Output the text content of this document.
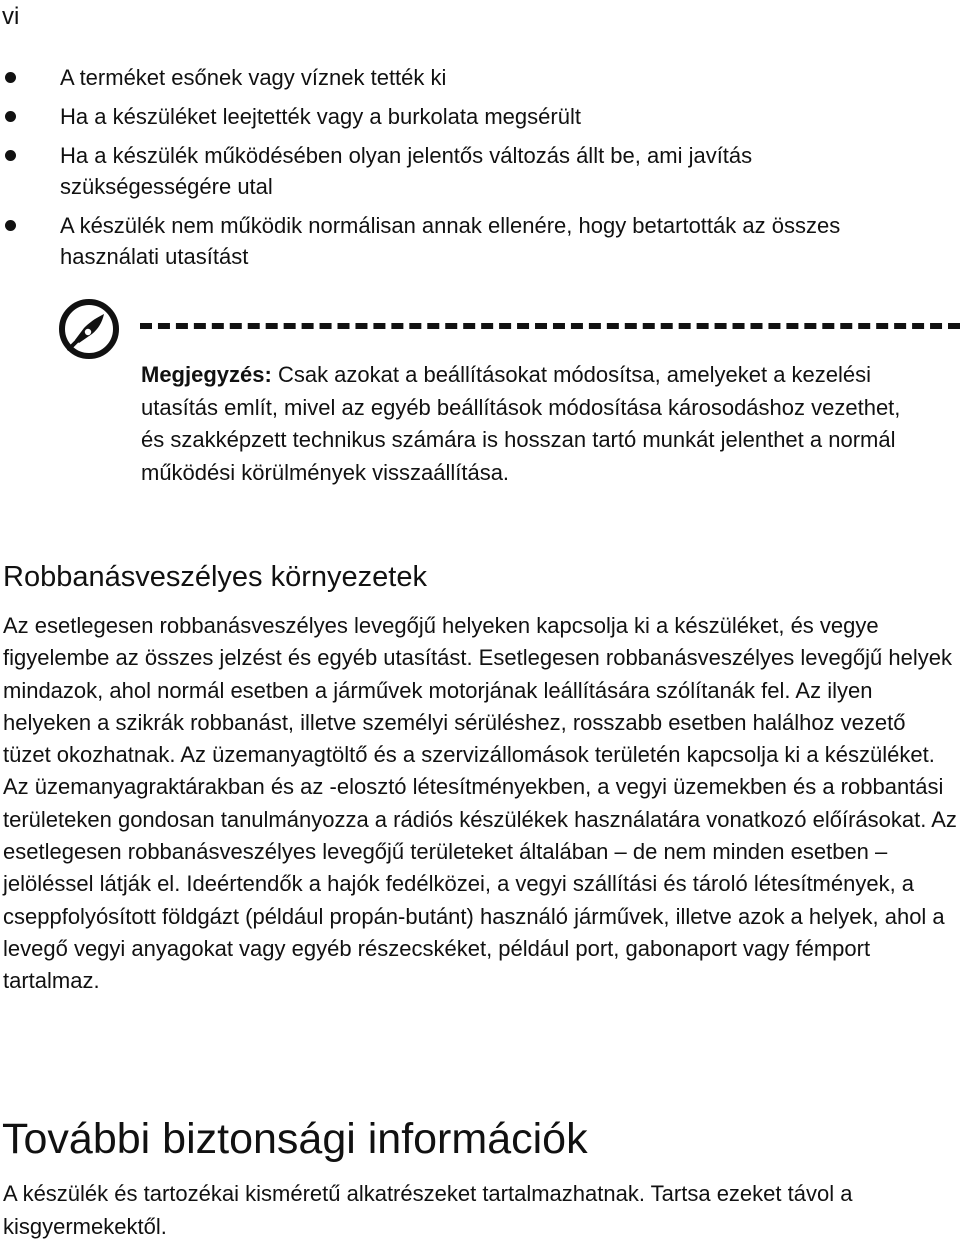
vi
A terméket esőnek vagy víznek tették ki
Ha a készüléket leejtették vagy a burkolata megsérült
Ha a készülék működésében olyan jelentős változás állt be, ami javítás szükségességére utal
A készülék nem működik normálisan annak ellenére, hogy betartották az összes használati utasítást
Megjegyzés: Csak azokat a beállításokat módosítsa, amelyeket a kezelési utasítás említ, mivel az egyéb beállítások módosítása károsodáshoz vezethet, és szakképzett technikus számára is hosszan tartó munkát jelenthet a normál működési körülmények visszaállítása.
Robbanásveszélyes környezetek

Az esetlegesen robbanásveszélyes levegőjű helyeken kapcsolja ki a készüléket, és vegye figyelembe az összes jelzést és egyéb utasítást. Esetlegesen robbanásveszélyes levegőjű helyek mindazok, ahol normál esetben a járművek motorjának leállítására szólítanák fel. Az ilyen helyeken a szikrák robbanást, illetve személyi sérüléshez, rosszabb esetben halálhoz vezető tüzet okozhatnak. Az üzemanyagtöltő és a szervizállomások területén kapcsolja ki a készüléket. Az üzemanyagraktárakban és az -elosztó létesítményekben, a vegyi üzemekben és a robbantási területeken gondosan tanulmányozza a rádiós készülékek használatára vonatkozó előírásokat. Az esetlegesen robbanásveszélyes levegőjű területeket általában – de nem minden esetben – jelöléssel látják el. Ideértendők a hajók fedélközei, a vegyi szállítási és tároló létesítmények, a cseppfolyósított földgázt (például propán-butánt) használó járművek, illetve azok a helyek, ahol a levegő vegyi anyagokat vagy egyéb részecskéket, például port, gabonaport vagy fémport tartalmaz.

További biztonsági információk

A készülék és tartozékai kisméretű alkatrészeket tartalmazhatnak. Tartsa ezeket távol a kisgyermekektől.
